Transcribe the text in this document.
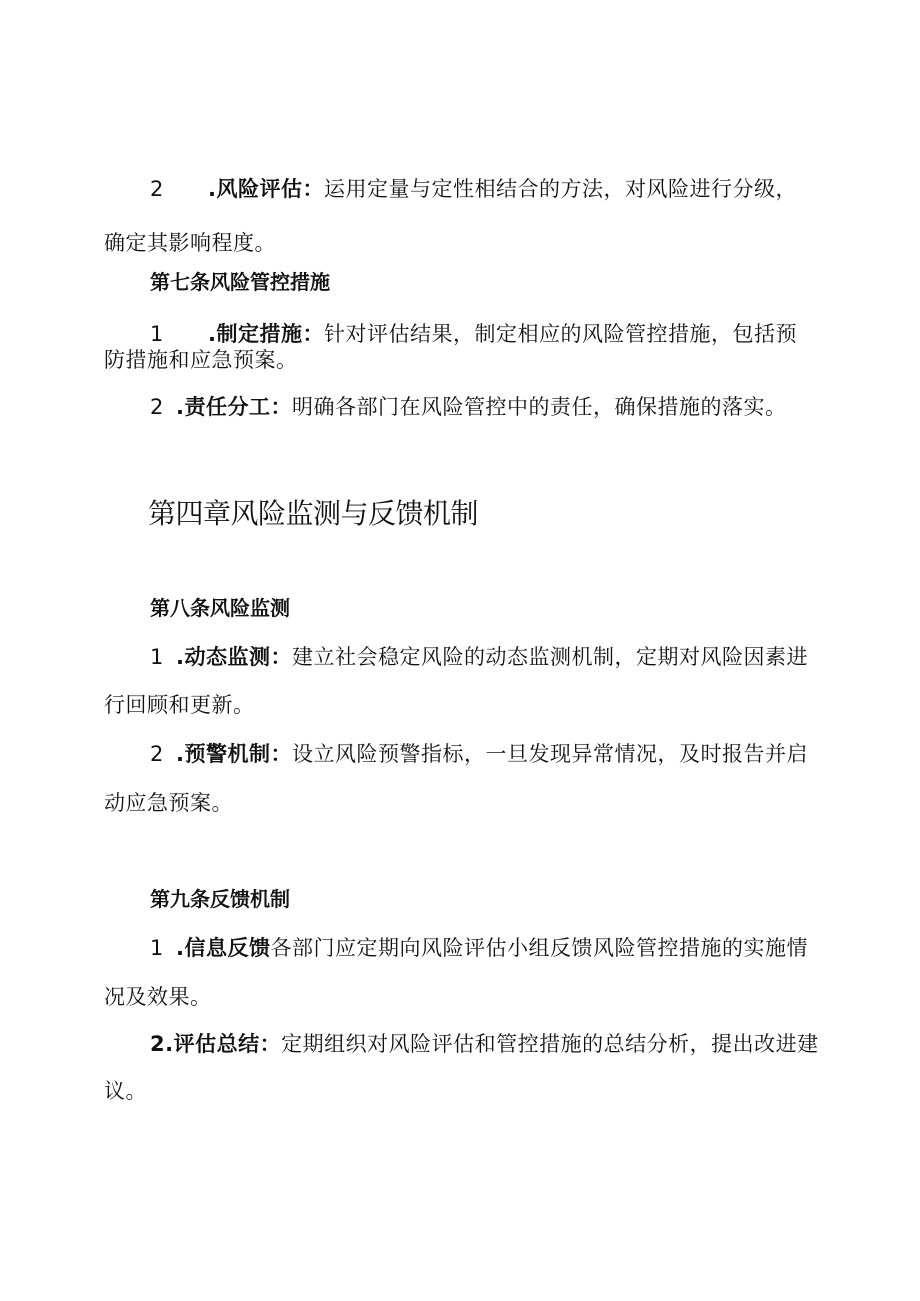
2 .风险评估：运用定量与定性相结合的方法，对风险进行分级，
确定其影响程度。
第七条风险管控措施
1 .制定措施：针对评估结果，制定相应的风险管控措施，包括预
防措施和应急预案。
2 .责任分工：明确各部门在风险管控中的责任，确保措施的落实。
第四章风险监测与反馈机制
第八条风险监测
1 .动态监测：建立社会稳定风险的动态监测机制，定期对风险因素进
行回顾和更新。
2 .预警机制：设立风险预警指标，一旦发现异常情况，及时报告并启
动应急预案。
第九条反馈机制
1 .信息反馈各部门应定期向风险评估小组反馈风险管控措施的实施情
况及效果。
2.评估总结：定期组织对风险评估和管控措施的总结分析，提出改进建
议。
